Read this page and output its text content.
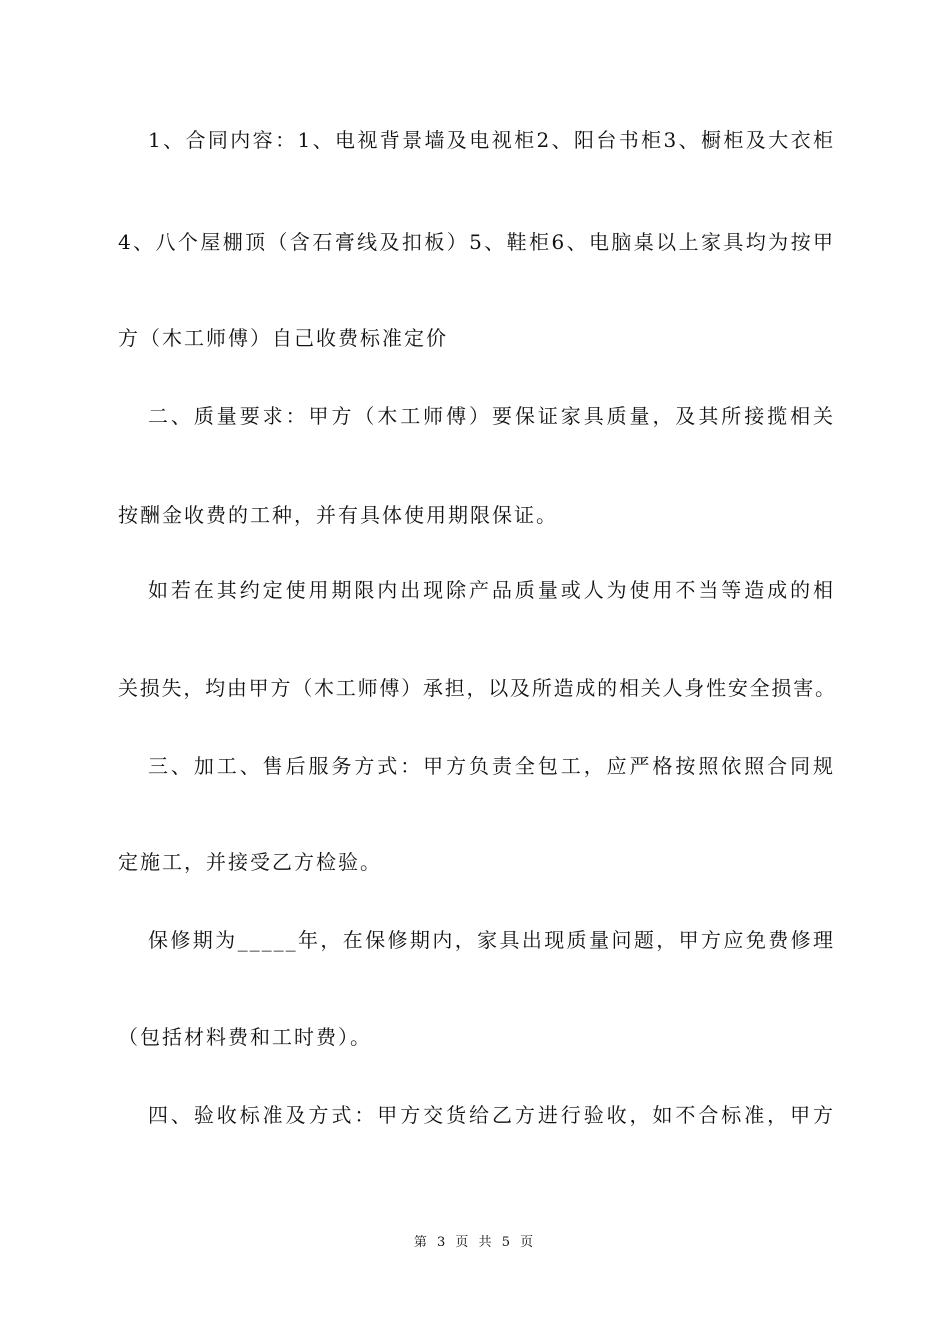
1、合同内容：1、电视背景墙及电视柜2、阳台书柜3、橱柜及大衣柜
4、八个屋棚顶（含石膏线及扣板）5、鞋柜6、电脑桌以上家具均为按甲
方（木工师傅）自己收费标准定价
二、质量要求：甲方（木工师傅）要保证家具质量，及其所接揽相关
按酬金收费的工种，并有具体使用期限保证。
如若在其约定使用期限内出现除产品质量或人为使用不当等造成的相
关损失，均由甲方（木工师傅）承担，以及所造成的相关人身性安全损害。
三、加工、售后服务方式：甲方负责全包工，应严格按照依照合同规
定施工，并接受乙方检验。
保修期为_____年，在保修期内，家具出现质量问题，甲方应免费修理
（包括材料费和工时费）。
四、验收标准及方式：甲方交货给乙方进行验收，如不合标准，甲方
第 3 页 共 5 页
